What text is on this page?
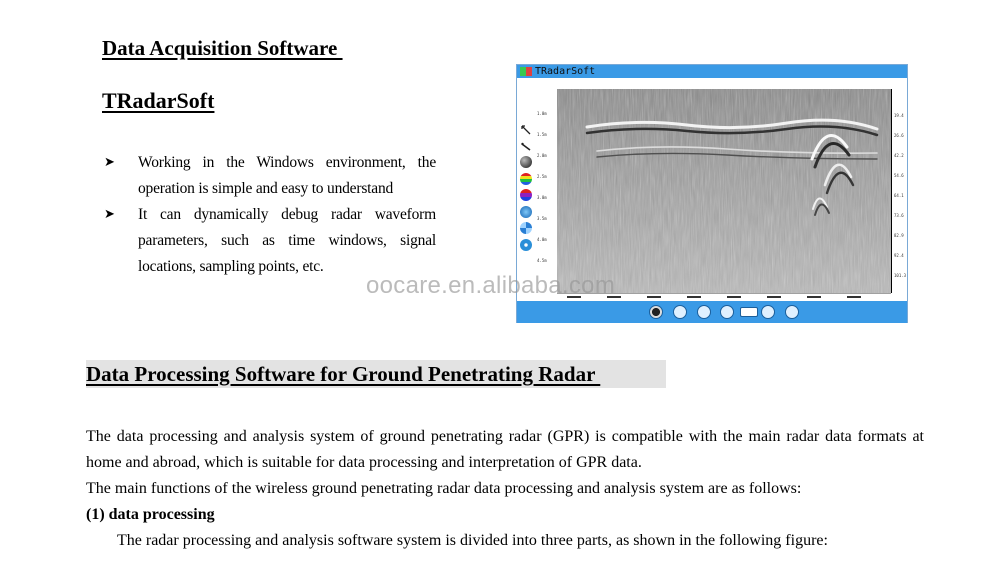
Data Acquisition Software
TRadarSoft
➤ Working in the Windows environment, the operation is simple and easy to understand
➤ It can dynamically debug radar waveform parameters, such as time windows, signal locations, sampling points, etc.
TRadarSoft
1.0m
1.5m
2.0m
2.5m
3.0m
3.5m
4.0m
4.5m
19.4
26.6
42.2
54.6
64.1
73.6
82.9
92.4
101.3
oocare.en.alibaba.com
Data Processing Software for Ground Penetrating Radar
The data processing and analysis system of ground penetrating radar (GPR) is compatible with the main radar data formats at home and abroad, which is suitable for data processing and interpretation of GPR data.
The main functions of the wireless ground penetrating radar data processing and analysis system are as follows:
(1) data processing
The radar processing and analysis software system is divided into three parts, as shown in the following figure:
